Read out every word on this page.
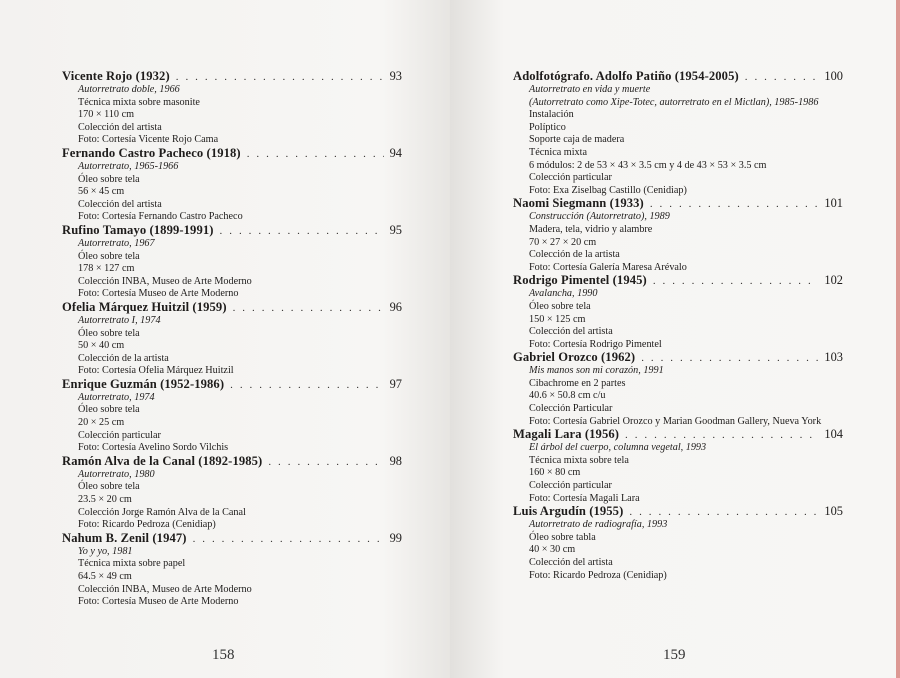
Vicente Rojo (1932) . . .	93
Autorretrato doble, 1966
Técnica mixta sobre masonite
170 × 110 cm
Colección del artista
Foto: Cortesía Vicente Rojo Cama
Fernando Castro Pacheco (1918) . . .	94
Autorretrato, 1965-1966
Óleo sobre tela
56 × 45 cm
Colección del artista
Foto: Cortesía Fernando Castro Pacheco
Rufino Tamayo (1899-1991) . . .	95
Autorretrato, 1967
Óleo sobre tela
178 × 127 cm
Colección INBA, Museo de Arte Moderno
Foto: Cortesía Museo de Arte Moderno
Ofelia Márquez Huitzil (1959) . . .	96
Autorretrato I, 1974
Óleo sobre tela
50 × 40 cm
Colección de la artista
Foto: Cortesía Ofelia Márquez Huitzil
Enrique Guzmán (1952-1986) . . .	97
Autorretrato, 1974
Óleo sobre tela
20 × 25 cm
Colección particular
Foto: Cortesía Avelino Sordo Vilchis
Ramón Alva de la Canal (1892-1985) . . .	98
Autorretrato, 1980
Óleo sobre tela
23.5 × 20 cm
Colección Jorge Ramón Alva de la Canal
Foto: Ricardo Pedroza (Cenidiap)
Nahum B. Zenil (1947) . . .	99
Yo y yo, 1981
Técnica mixta sobre papel
64.5 × 49 cm
Colección INBA, Museo de Arte Moderno
Foto: Cortesía Museo de Arte Moderno
158
Adolfotógrafo. Adolfo Patiño (1954-2005) . . .	100
Autorretrato en vida y muerte
(Autorretrato como Xipe-Totec, autorretrato en el Mictlan), 1985-1986
Instalación
Políptico
Soporte caja de madera
Técnica mixta
6 módulos: 2 de 53 × 43 × 3.5 cm y 4 de 43 × 53 × 3.5 cm
Colección particular
Foto: Exa Ziselbag Castillo (Cenidiap)
Naomi Siegmann (1933) . . .	101
Construcción (Autorretrato), 1989
Madera, tela, vidrio y alambre
70 × 27 × 20 cm
Colección de la artista
Foto: Cortesía Galería Maresa Arévalo
Rodrigo Pimentel (1945) . . .	102
Avalancha, 1990
Óleo sobre tela
150 × 125 cm
Colección del artista
Foto: Cortesía Rodrigo Pimentel
Gabriel Orozco (1962) . . .	103
Mis manos son mi corazón, 1991
Cibachrome en 2 partes
40.6 × 50.8 cm c/u
Colección Particular
Foto: Cortesía Gabriel Orozco y Marian Goodman Gallery, Nueva York
Magali Lara (1956) . . .	104
El árbol del cuerpo, columna vegetal, 1993
Técnica mixta sobre tela
160 × 80 cm
Colección particular
Foto: Cortesía Magali Lara
Luis Argudín (1955) . . .	105
Autorretrato de radiografía, 1993
Óleo sobre tabla
40 × 30 cm
Colección del artista
Foto: Ricardo Pedroza (Cenidiap)
159
